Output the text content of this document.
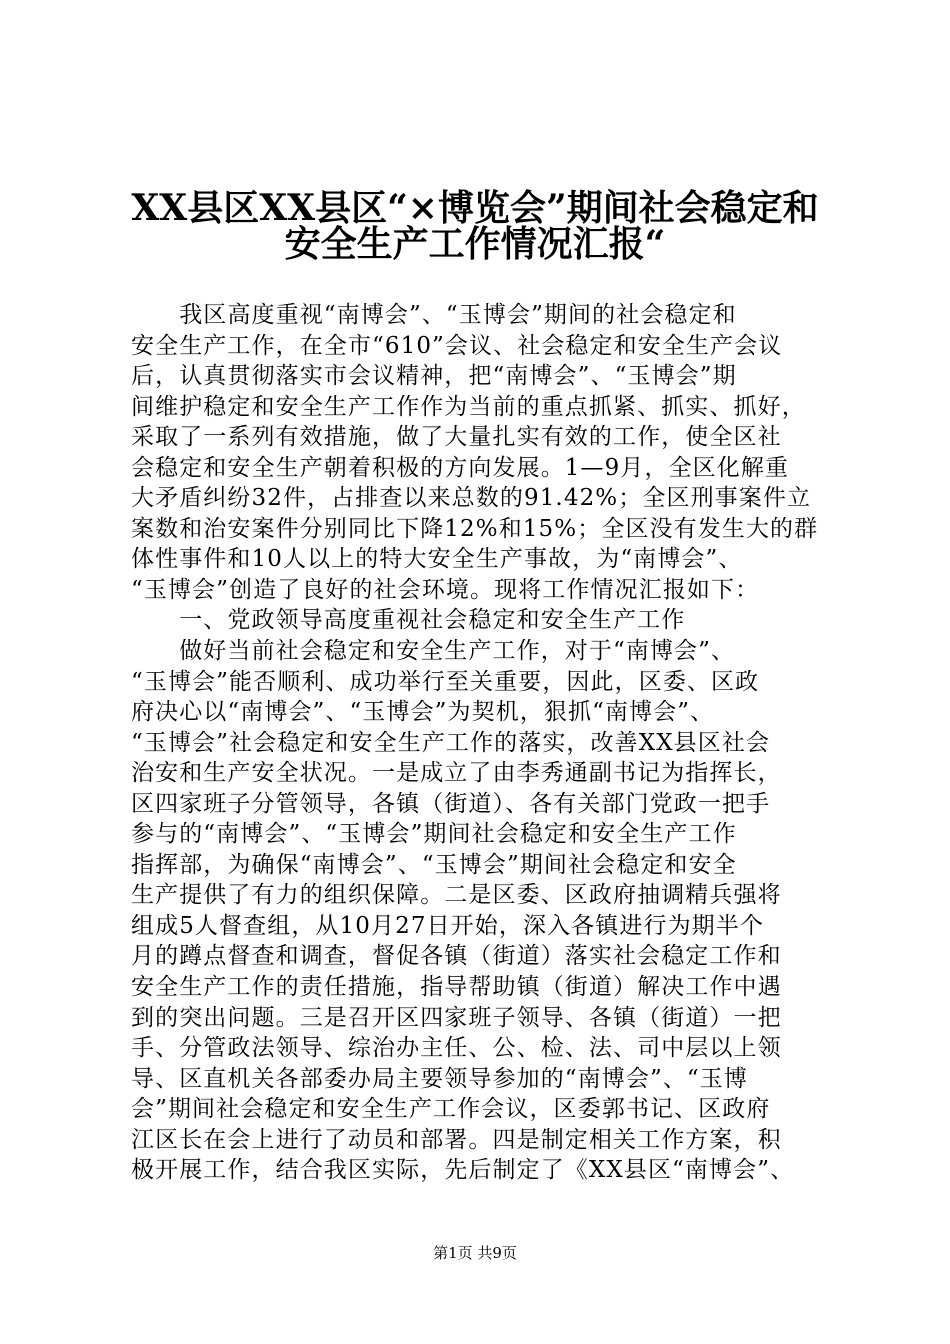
XX县区XX县区“×博览会”期间社会稳定和
安全生产工作情况汇报“
　　我区高度重视“南博会”、“玉博会”期间的社会稳定和
安全生产工作，在全市“610”会议、社会稳定和安全生产会议
后，认真贯彻落实市会议精神，把“南博会”、“玉博会”期
间维护稳定和安全生产工作作为当前的重点抓紧、抓实、抓好，
采取了一系列有效措施，做了大量扎实有效的工作，使全区社
会稳定和安全生产朝着积极的方向发展。1—9月，全区化解重
大矛盾纠纷32件，占排查以来总数的91.42%；全区刑事案件立
案数和治安案件分别同比下降12%和15%；全区没有发生大的群
体性事件和10人以上的特大安全生产事故，为“南博会”、
“玉博会”创造了良好的社会环境。现将工作情况汇报如下：
　　一、党政领导高度重视社会稳定和安全生产工作
　　做好当前社会稳定和安全生产工作，对于“南博会”、
“玉博会”能否顺利、成功举行至关重要，因此，区委、区政
府决心以“南博会”、“玉博会”为契机，狠抓“南博会”、
“玉博会”社会稳定和安全生产工作的落实，改善XX县区社会
治安和生产安全状况。一是成立了由李秀通副书记为指挥长，
区四家班子分管领导，各镇（街道）、各有关部门党政一把手
参与的“南博会”、“玉博会”期间社会稳定和安全生产工作
指挥部，为确保“南博会”、“玉博会”期间社会稳定和安全
生产提供了有力的组织保障。二是区委、区政府抽调精兵强将
组成5人督查组，从10月27日开始，深入各镇进行为期半个
月的蹲点督查和调查，督促各镇（街道）落实社会稳定工作和
安全生产工作的责任措施，指导帮助镇（街道）解决工作中遇
到的突出问题。三是召开区四家班子领导、各镇（街道）一把
手、分管政法领导、综治办主任、公、检、法、司中层以上领
导、区直机关各部委办局主要领导参加的“南博会”、“玉博
会”期间社会稳定和安全生产工作会议，区委郭书记、区政府
江区长在会上进行了动员和部署。四是制定相关工作方案，积
极开展工作，结合我区实际，先后制定了《XX县区“南博会”、
第1页 共9页
